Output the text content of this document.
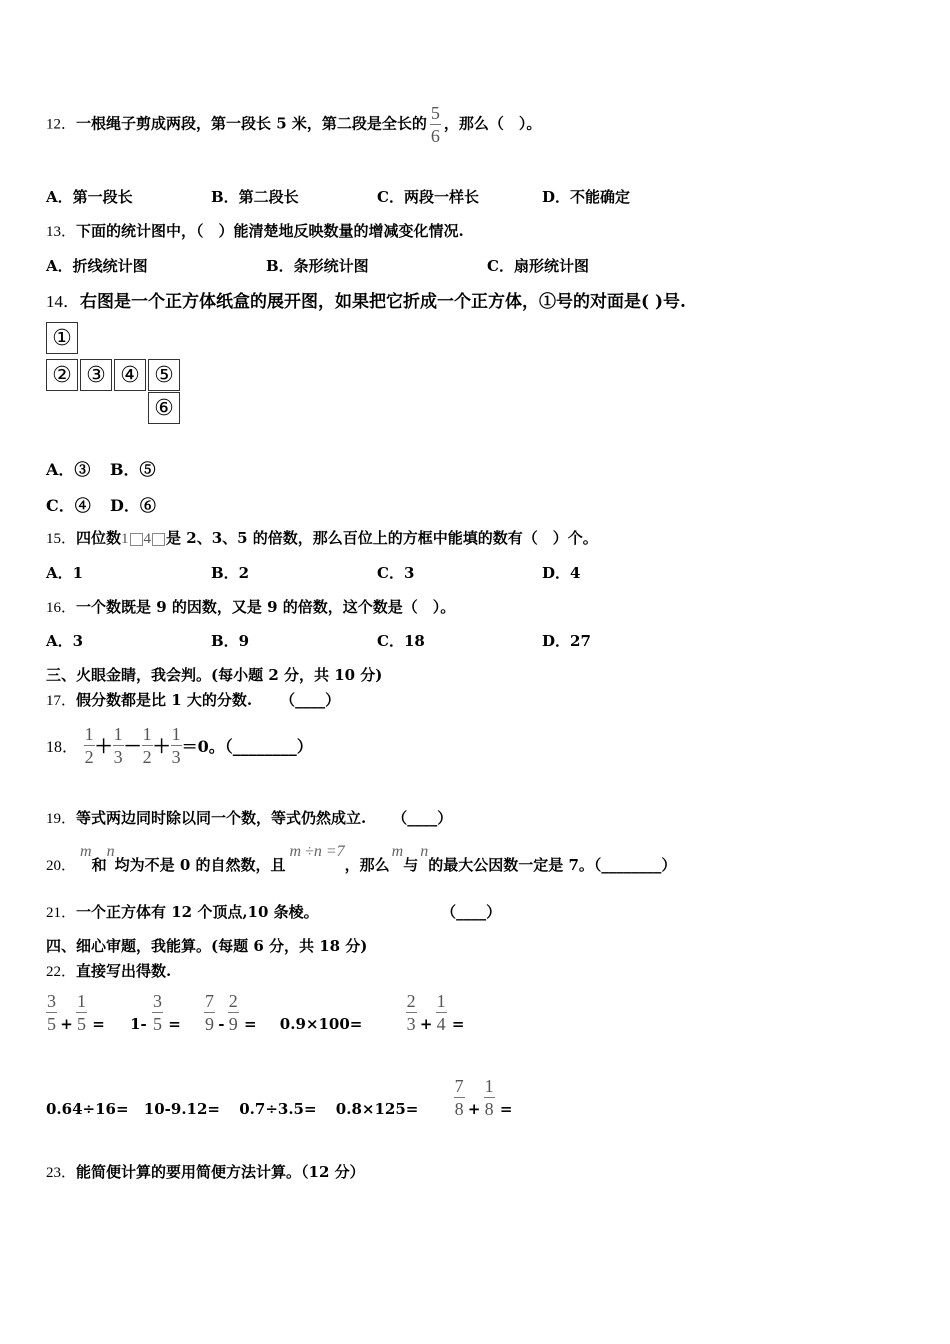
12．一根绳子剪成两段，第一段长 5 米，第二段是全长的 $\frac{5}{6}$ ，那么（　）。
A．第一段长	B．第二段长	C．两段一样长	D．不能确定
13．下面的统计图中，（　）能清楚地反映数量的增减变化情况.
A．折线统计图	B．条形统计图	C．扇形统计图
14．右图是一个正方体纸盒的展开图，如果把它折成一个正方体，①号的对面是( )号.
①
② ③ ④ ⑤
⑥
A．③ B．⑤
C．④ D．⑥
15．四位数1 4 是 2、3、5 的倍数，那么百位上的方框中能填的数有（　）个。
A．1	B．2	C．3	D．4
16．一个数既是 9 的因数，又是 9 的倍数，这个数是（　）。
A．3	B．9	C．18	D．27
三、火眼金睛，我会判。(每小题 2 分，共 10 分)
17．假分数都是比 1 大的分数. （____）
18． $\frac{1}{2} + \frac{1}{3} - \frac{1}{2} + \frac{1}{3} =0$。（________）
19．等式两边同时除以同一个数，等式仍然成立. （____）
20．m和n均为不是 0 的自然数，且m ÷n =7，那么m与n的最大公因数一定是 7。（________）
21．一个正方体有 12 个顶点,10 条棱。	（____）
四、细心审题，我能算。(每题 6 分，共 18 分)
22．直接写出得数.
$\frac{3}{5} + \frac{1}{5} = 1- \frac{3}{5} = \frac{7}{9} - \frac{2}{9} = 0.9\times 100= \frac{2}{3} + \frac{1}{4}$ =
$0.64\div 16= 10-9.12= 0.7\div 3.5= 0.8\times 125= \frac{7}{8} + \frac{1}{8}$ =
23．能简便计算的要用简便方法计算。（12 分）
